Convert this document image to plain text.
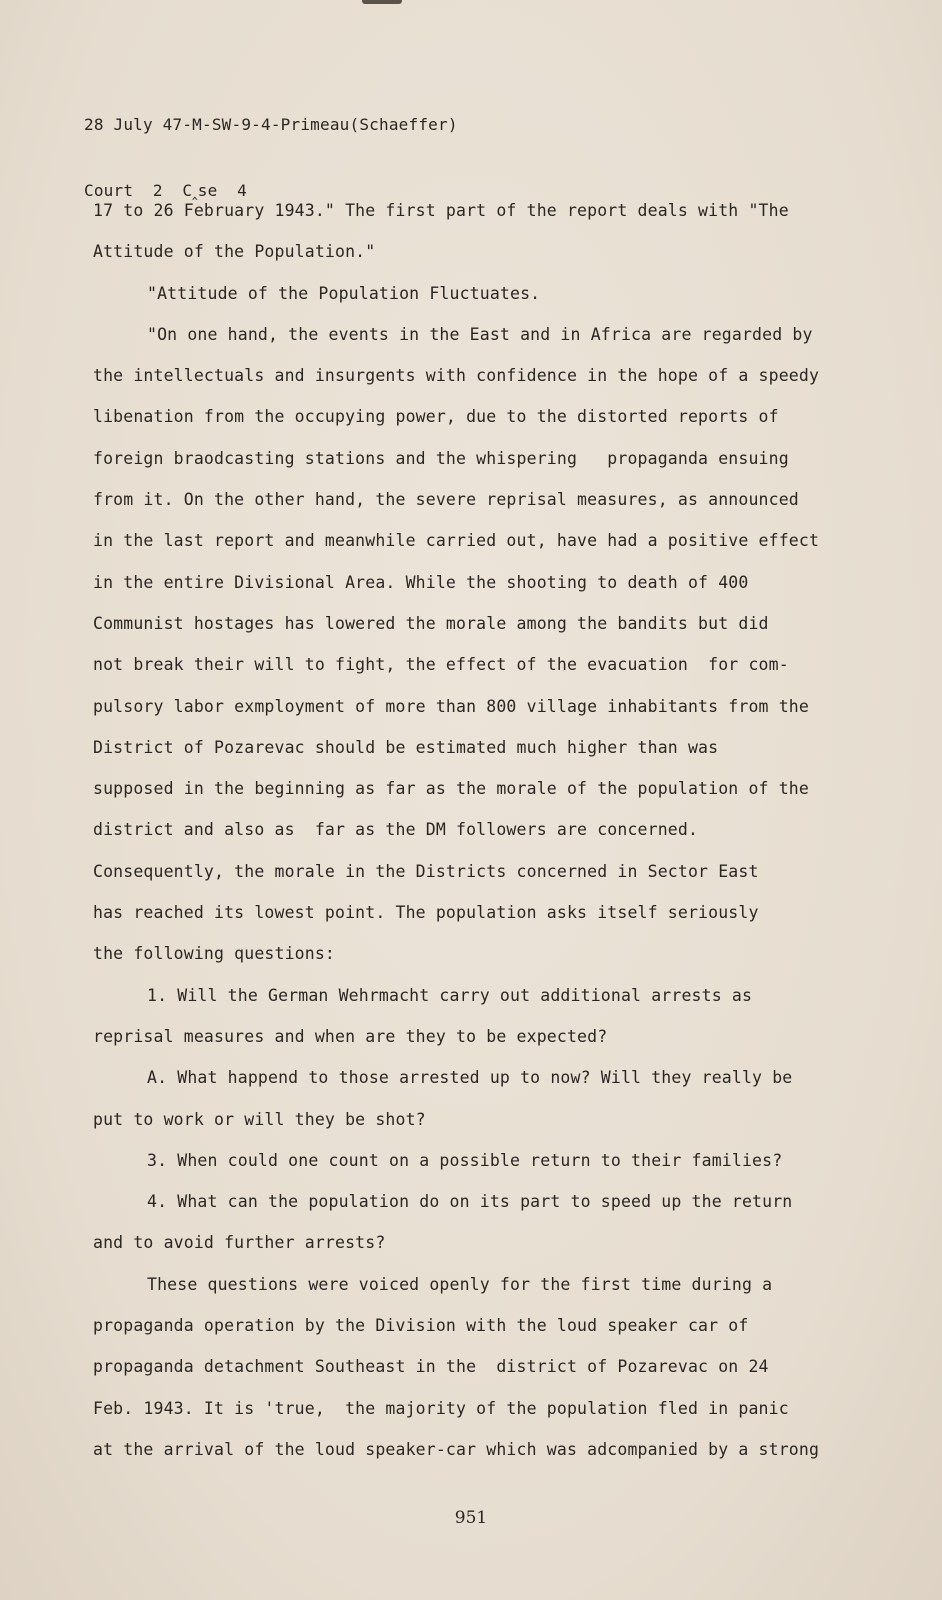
28 July 47-M-SW-9-4-Primeau(Schaeffer)

Court  2  C‸se  4

17 to 26 February 1943." The first part of the report deals with "The
Attitude of the Population."
"Attitude of the Population Fluctuates.
"On one hand, the events in the East and in Africa are regarded by
the intellectuals and insurgents with confidence in the hope of a speedy
libenation from the occupying power, due to the distorted reports of
foreign braodcasting stations and the whispering   propaganda ensuing
from it. On the other hand, the severe reprisal measures, as announced
in the last report and meanwhile carried out, have had a positive effect
in the entire Divisional Area. While the shooting to death of 400
Communist hostages has lowered the morale among the bandits but did
not break their will to fight, the effect of the evacuation  for com-
pulsory labor exmployment of more than 800 village inhabitants from the
District of Pozarevac should be estimated much higher than was
supposed in the beginning as far as the morale of the population of the
district and also as  far as the DM followers are concerned.
Consequently, the morale in the Districts concerned in Sector East
has reached its lowest point. The population asks itself seriously
the following questions:
1. Will the German Wehrmacht carry out additional arrests as
reprisal measures and when are they to be expected?
A. What happend to those arrested up to now? Will they really be
put to work or will they be shot?
3. When could one count on a possible return to their families?
4. What can the population do on its part to speed up the return
and to avoid further arrests?
These questions were voiced openly for the first time during a
propaganda operation by the Division with the loud speaker car of
propaganda detachment Southeast in the  district of Pozarevac on 24
Feb. 1943. It is 'true,  the majority of the population fled in panic
at the arrival of the loud speaker-car which was adcompanied by a strong
951
